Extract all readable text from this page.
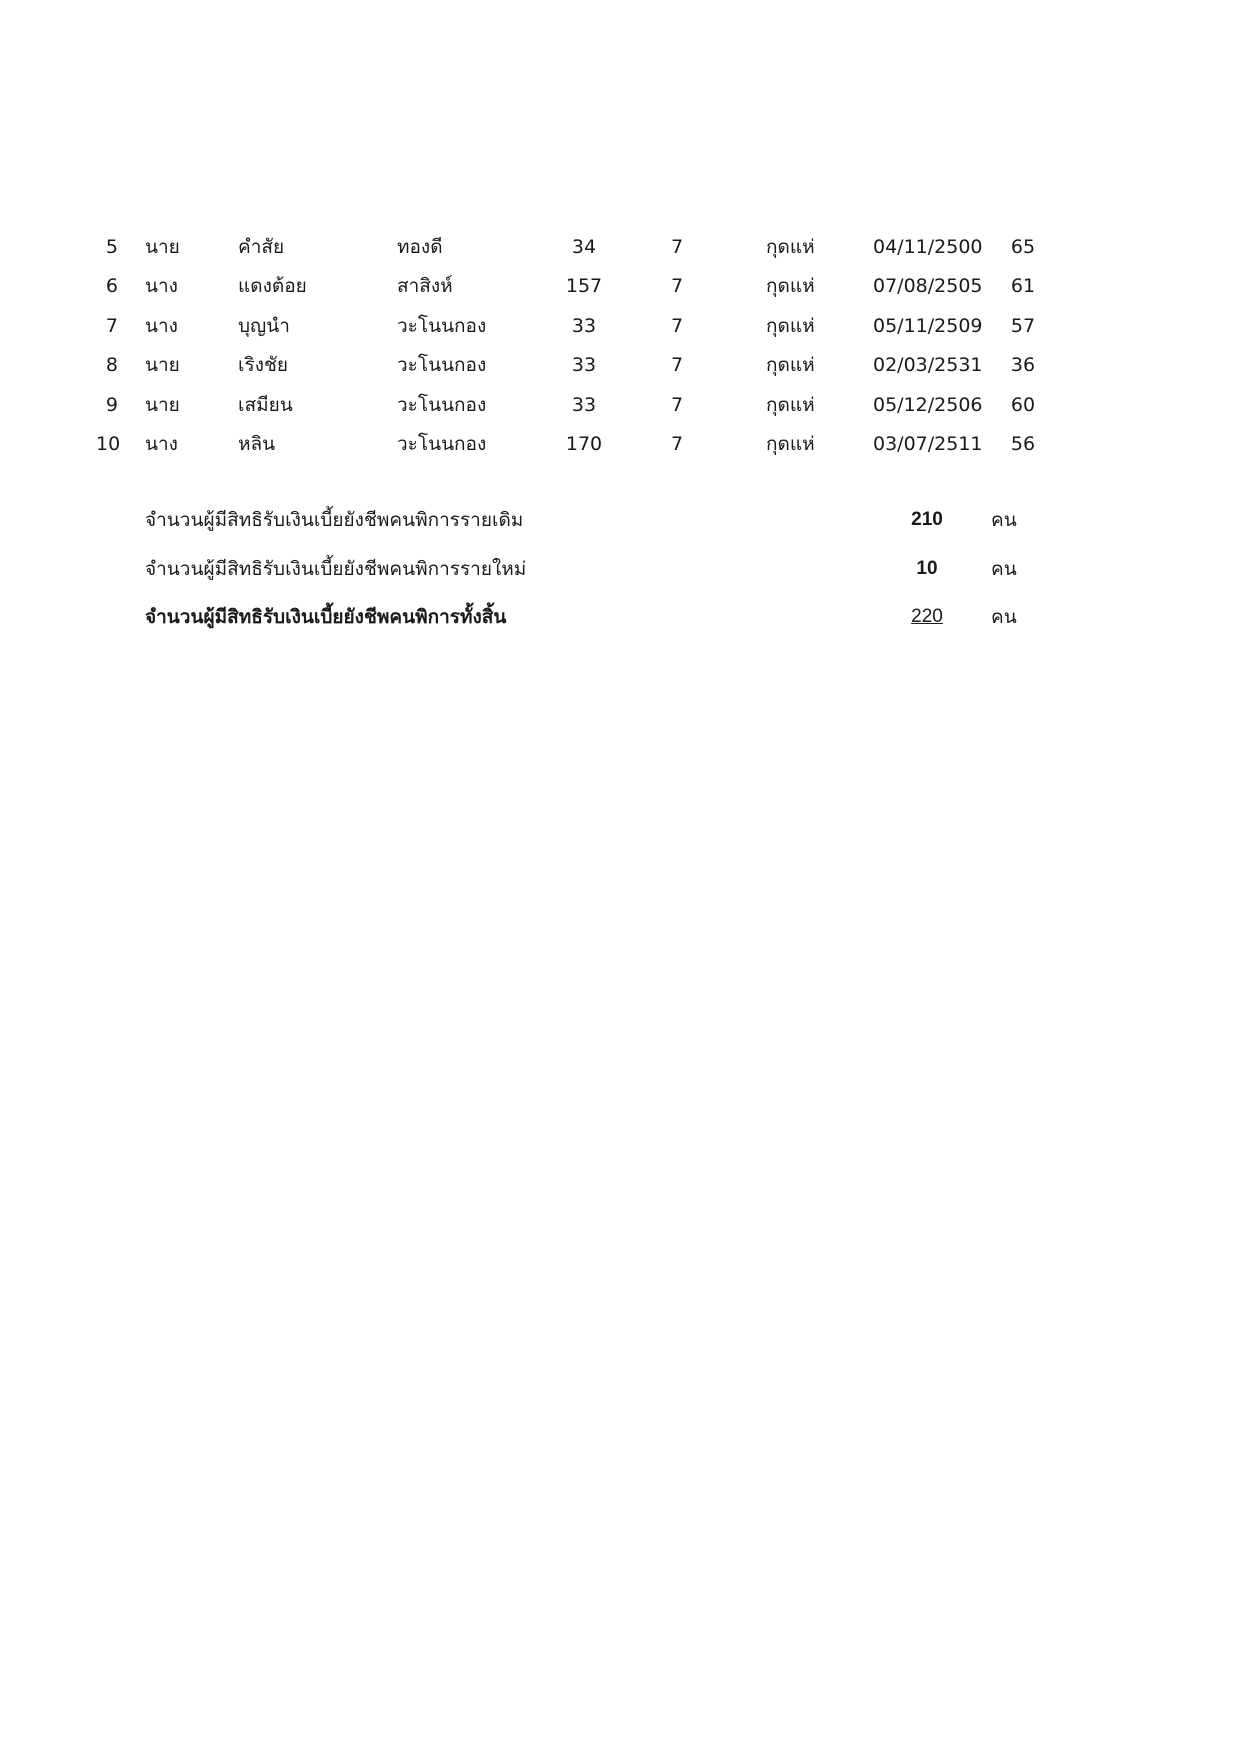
5 นาย	คำสัย	ทองดี	34	7	กุดแห่	04/11/2500 65
6 นาง	แดงต้อย	สาสิงห์	157	7	กุดแห่	07/08/2505 61
7 นาง	บุญนำ	วะโนนกอง	33	7	กุดแห่	05/11/2509 57
8 นาย	เริงชัย	วะโนนกอง	33	7	กุดแห่	02/03/2531 36
9 นาย	เสมียน	วะโนนกอง	33	7	กุดแห่	05/12/2506 60
10 นาง	หลิน	วะโนนกอง	170	7	กุดแห่	03/07/2511 56
จำนวนผู้มีสิทธิรับเงินเบี้ยยังชีพคนพิการรายเดิม	210	คน
จำนวนผู้มีสิทธิรับเงินเบี้ยยังชีพคนพิการรายใหม่	10	คน
จำนวนผู้มีสิทธิรับเงินเบี้ยยังชีพคนพิการทั้งสิ้น	220	คน
